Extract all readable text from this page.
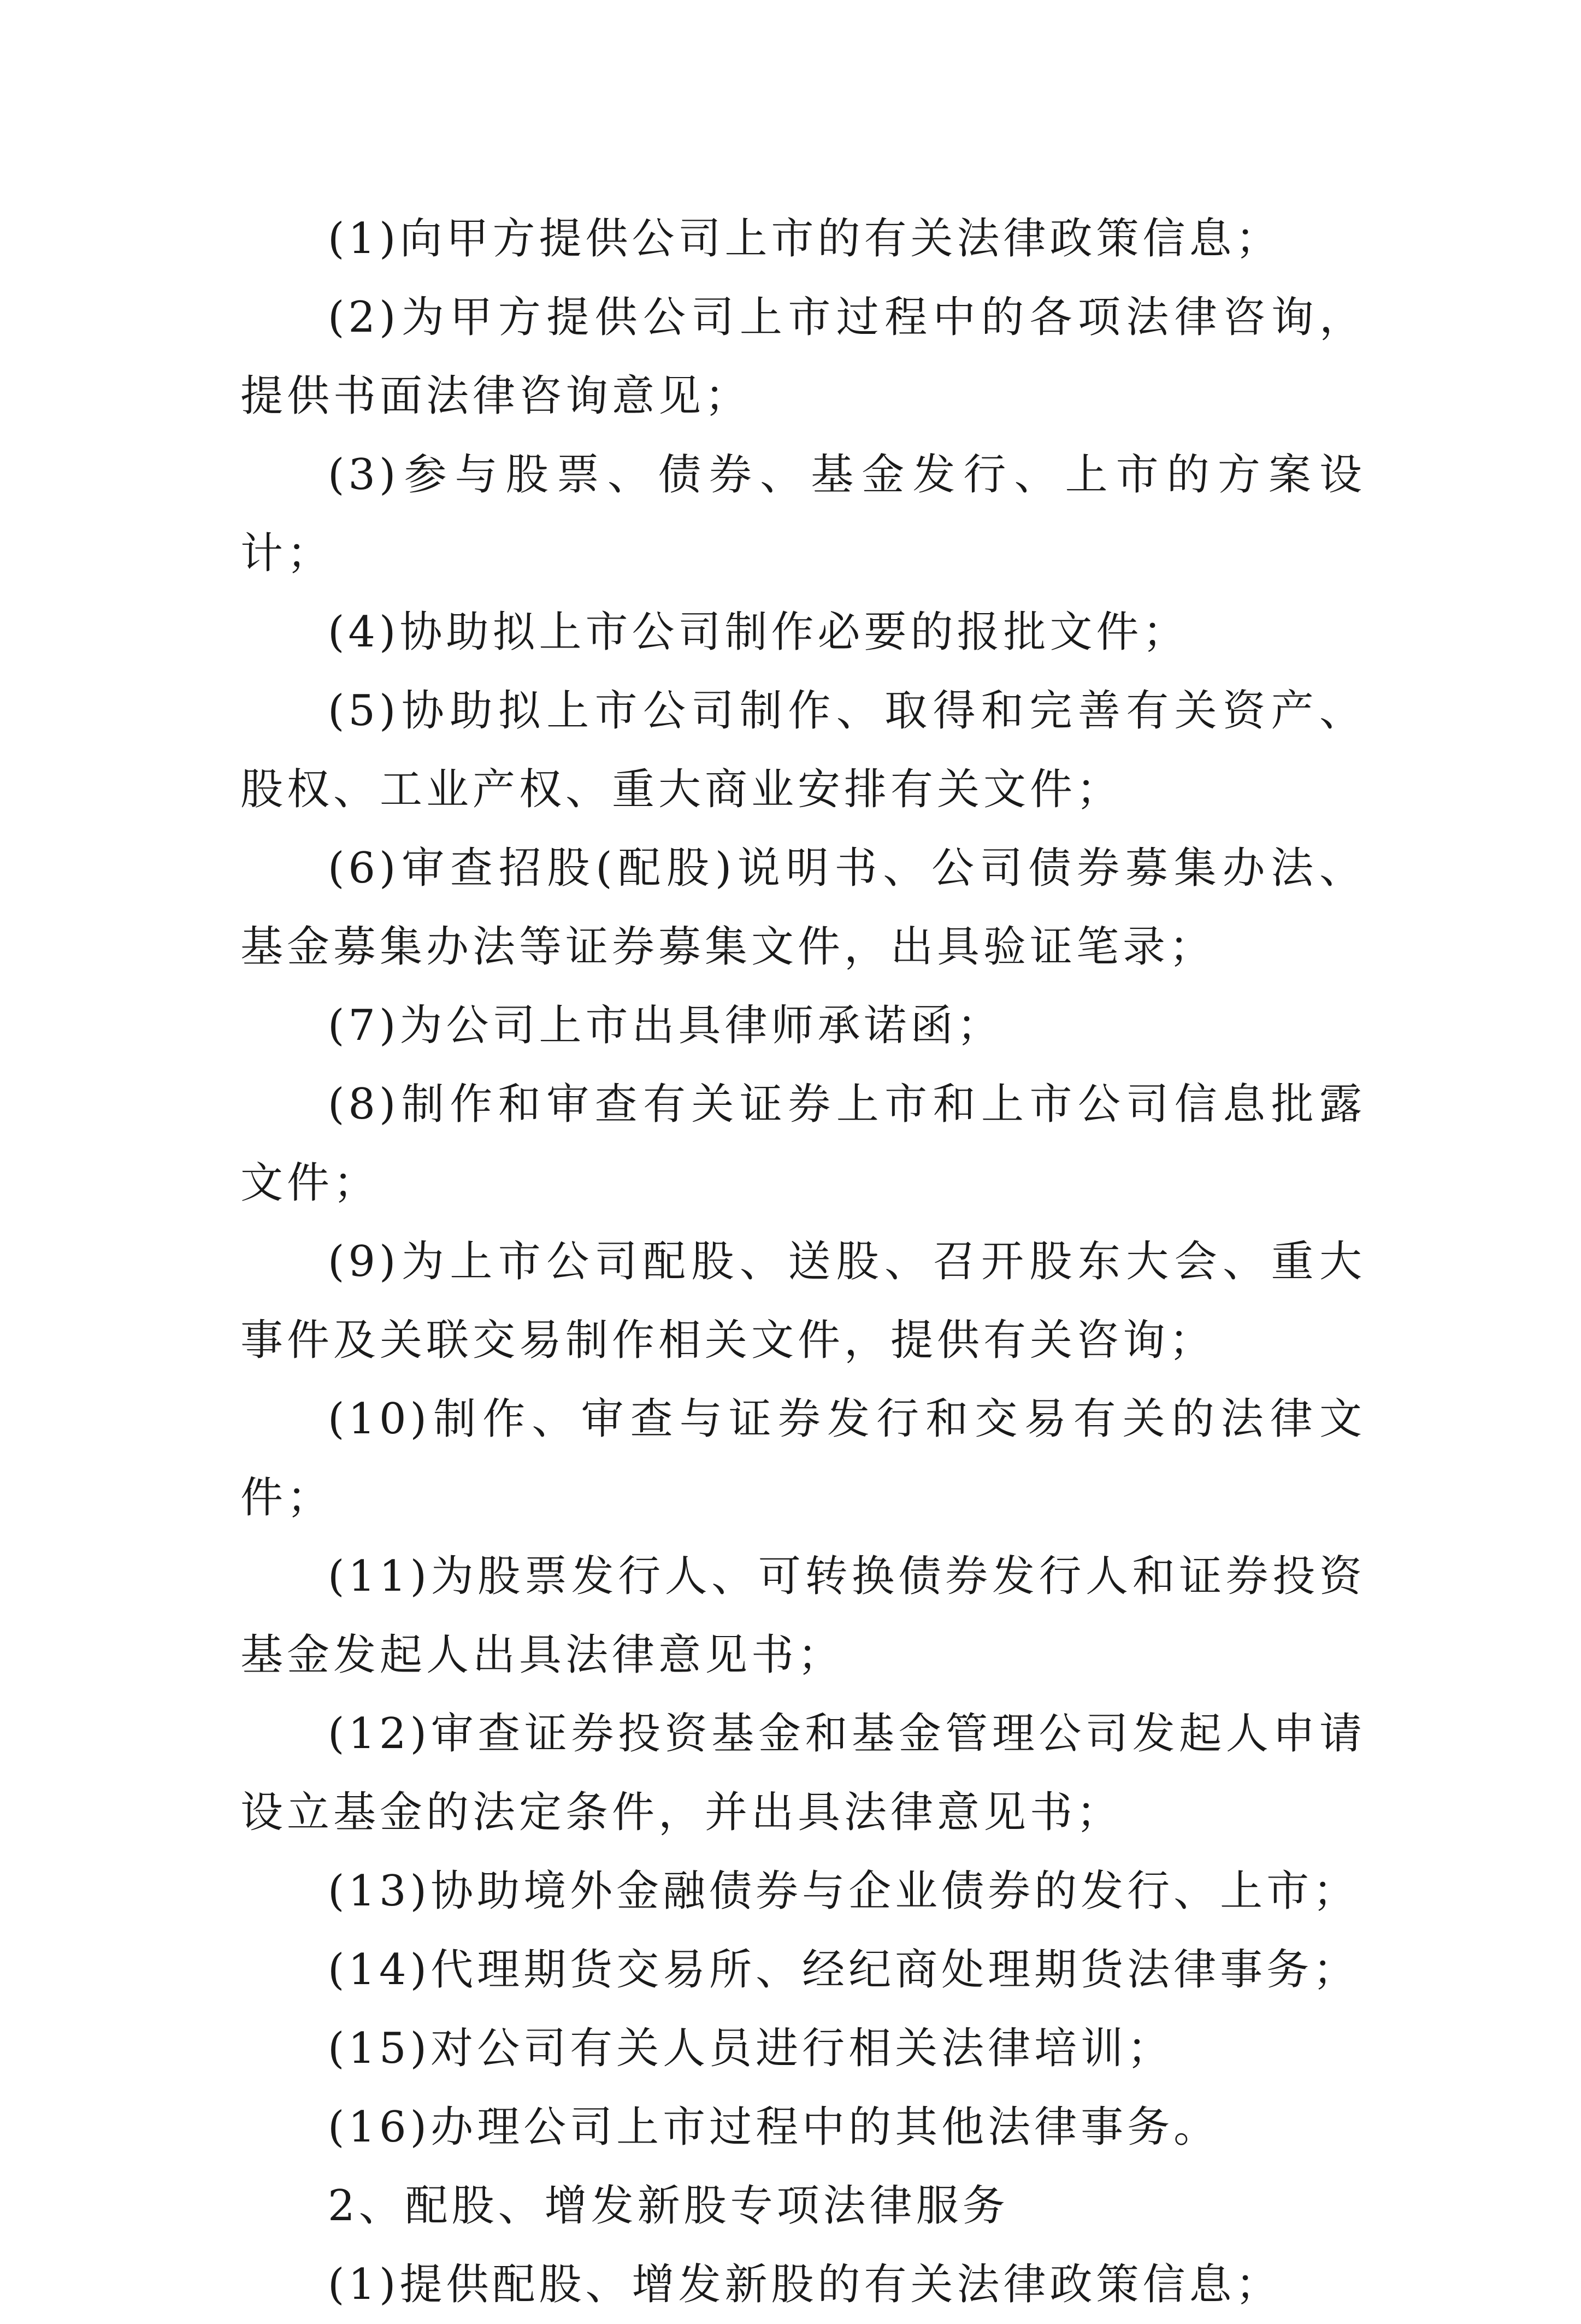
(1)向甲方提供公司上市的有关法律政策信息；

(2)为甲方提供公司上市过程中的各项法律咨询，提供书面法律咨询意见；

(3)参与股票、债券、基金发行、上市的方案设计；

(4)协助拟上市公司制作必要的报批文件；

(5)协助拟上市公司制作、取得和完善有关资产、股权、工业产权、重大商业安排有关文件；

(6)审查招股(配股)说明书、公司债券募集办法、基金募集办法等证券募集文件，出具验证笔录；

(7)为公司上市出具律师承诺函；

(8)制作和审查有关证券上市和上市公司信息批露文件；

(9)为上市公司配股、送股、召开股东大会、重大事件及关联交易制作相关文件，提供有关咨询；

(10)制作、审查与证券发行和交易有关的法律文件；

(11)为股票发行人、可转换债券发行人和证券投资基金发起人出具法律意见书；

(12)审查证券投资基金和基金管理公司发起人申请设立基金的法定条件，并出具法律意见书；

(13)协助境外金融债券与企业债券的发行、上市；

(14)代理期货交易所、经纪商处理期货法律事务；

(15)对公司有关人员进行相关法律培训；

(16)办理公司上市过程中的其他法律事务。

2、配股、增发新股专项法律服务

(1)提供配股、增发新股的有关法律政策信息；
